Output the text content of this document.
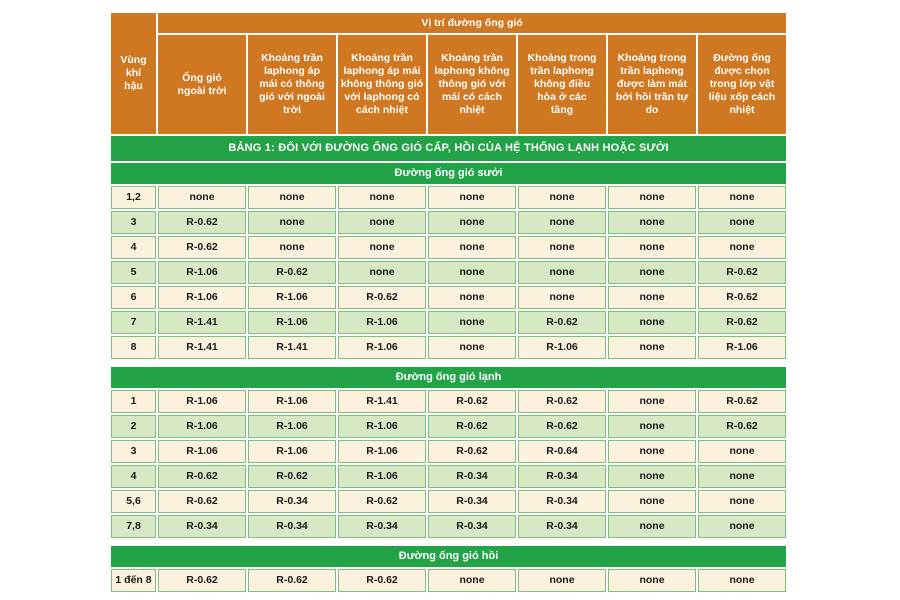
BẢNG 1: ĐỐI VỚI ĐƯỜNG ỐNG GIÓ CẤP, HỒI CỦA HỆ THỐNG LẠNH HOẶC SƯỞI							
Vùng khí hậu	Vị trí đường ống gió						
	Ống gió ngoài trời	Khoảng trần laphong áp mái có thông gió với ngoài trời	Khoảng trần laphong áp mái không thông gió với laphong có cách nhiệt	Khoảng trần laphong không thông gió với mái có cách nhiệt	Khoảng trong trần laphong không điều hòa ở các tầng	Khoảng trong trần laphong được làm mát bởi hồi trần tự do	Đường ống được chọn trong lớp vật liệu xốp cách nhiệt
Đường ống gió sưởi							
1,2	none	none	none	none	none	none	none
3	R-0.62	none	none	none	none	none	none
4	R-0.62	none	none	none	none	none	none
5	R-1.06	R-0.62	none	none	none	none	R-0.62
6	R-1.06	R-1.06	R-0.62	none	none	none	R-0.62
7	R-1.41	R-1.06	R-1.06	none	R-0.62	none	R-0.62
8	R-1.41	R-1.41	R-1.06	none	R-1.06	none	R-1.06

Đường ống gió lạnh							
1	R-1.06	R-1.06	R-1.41	R-0.62	R-0.62	none	R-0.62
2	R-1.06	R-1.06	R-1.06	R-0.62	R-0.62	none	R-0.62
3	R-1.06	R-1.06	R-1.06	R-0.62	R-0.64	none	none
4	R-0.62	R-0.62	R-1.06	R-0.34	R-0.34	none	none
5,6	R-0.62	R-0.34	R-0.62	R-0.34	R-0.34	none	none
7,8	R-0.34	R-0.34	R-0.34	R-0.34	R-0.34	none	none

Đường ống gió hồi							
1 đến 8	R-0.62	R-0.62	R-0.62	none	none	none	none
